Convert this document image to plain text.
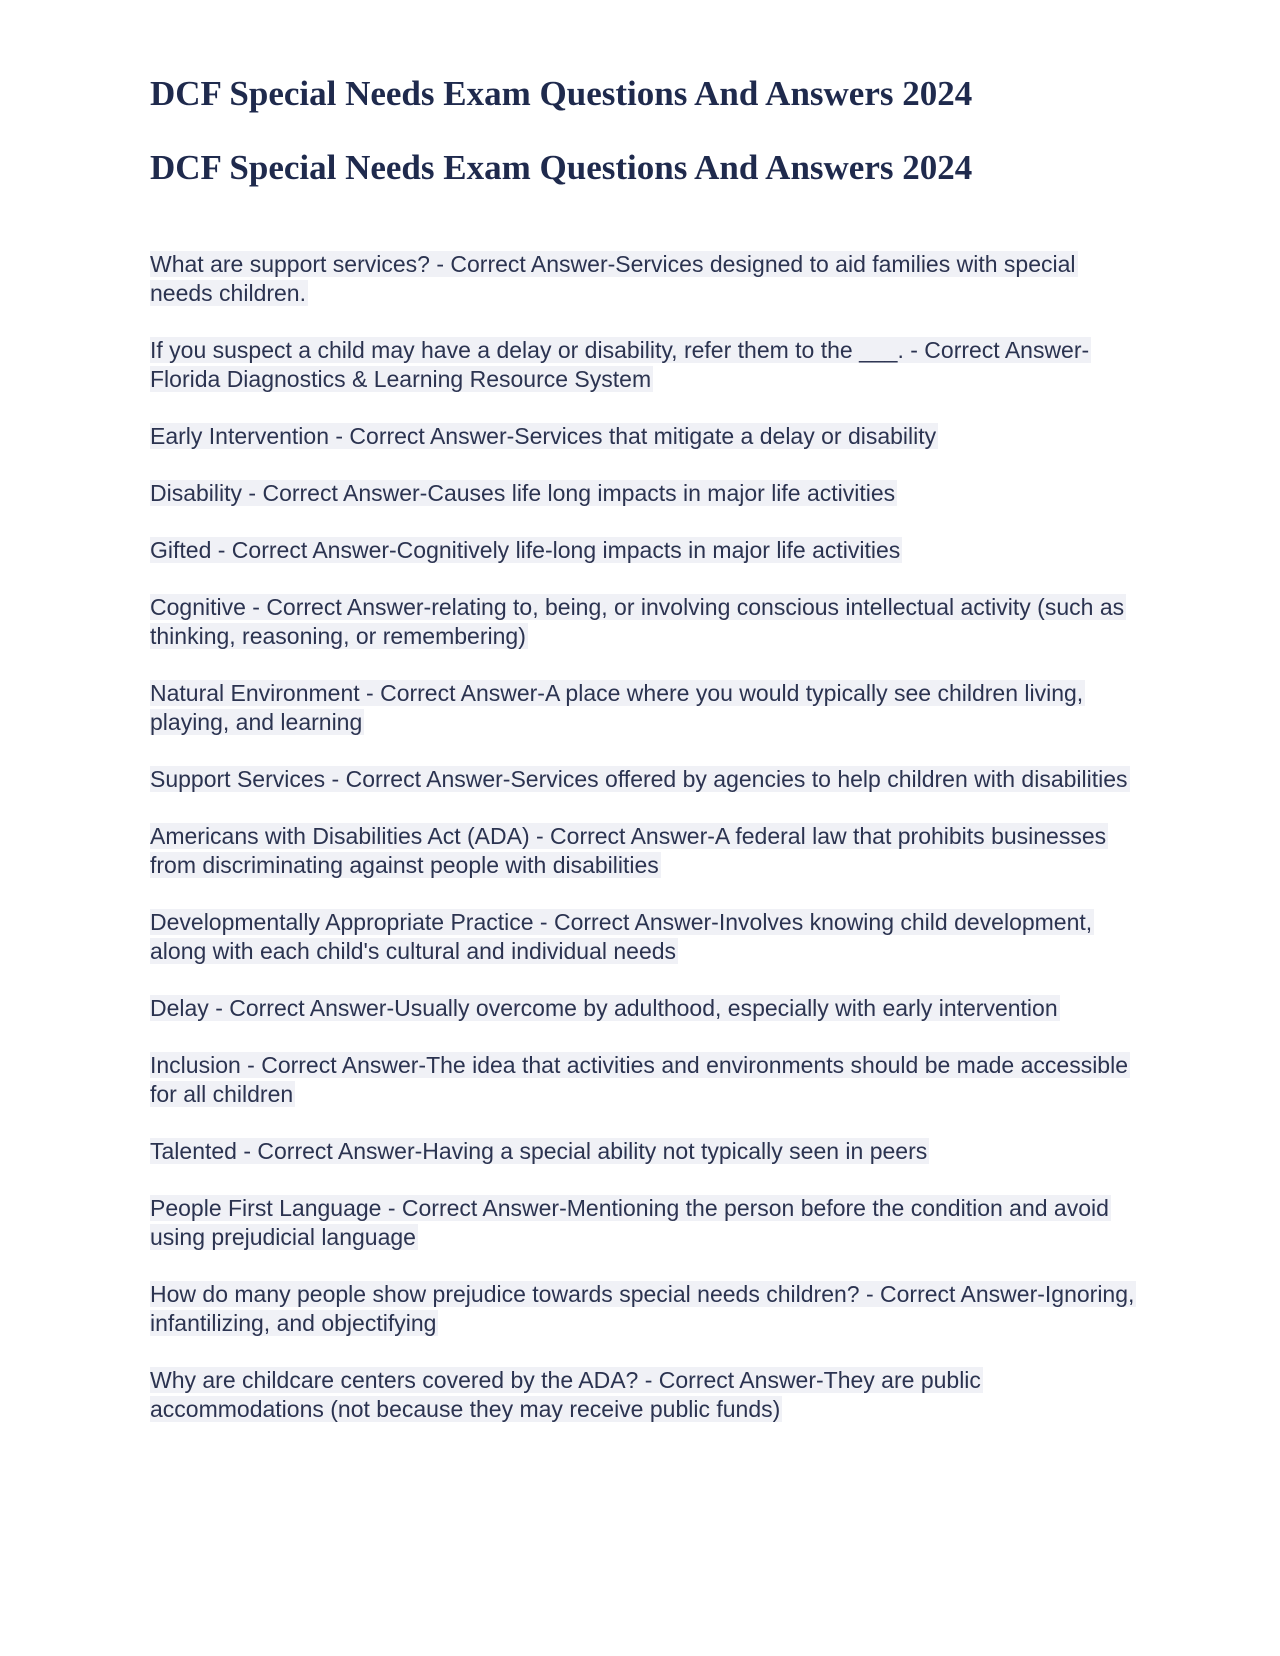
DCF Special Needs Exam Questions And Answers 2024
DCF Special Needs Exam Questions And Answers 2024

What are support services? - Correct Answer-Services designed to aid families with special needs children.

If you suspect a child may have a delay or disability, refer them to the ___. - Correct Answer-Florida Diagnostics & Learning Resource System

Early Intervention - Correct Answer-Services that mitigate a delay or disability

Disability - Correct Answer-Causes life long impacts in major life activities

Gifted - Correct Answer-Cognitively life-long impacts in major life activities

Cognitive - Correct Answer-relating to, being, or involving conscious intellectual activity (such as thinking, reasoning, or remembering)

Natural Environment - Correct Answer-A place where you would typically see children living, playing, and learning

Support Services - Correct Answer-Services offered by agencies to help children with disabilities

Americans with Disabilities Act (ADA) - Correct Answer-A federal law that prohibits businesses from discriminating against people with disabilities

Developmentally Appropriate Practice - Correct Answer-Involves knowing child development, along with each child's cultural and individual needs

Delay - Correct Answer-Usually overcome by adulthood, especially with early intervention

Inclusion - Correct Answer-The idea that activities and environments should be made accessible for all children

Talented - Correct Answer-Having a special ability not typically seen in peers

People First Language - Correct Answer-Mentioning the person before the condition and avoid using prejudicial language

How do many people show prejudice towards special needs children? - Correct Answer-Ignoring, infantilizing, and objectifying

Why are childcare centers covered by the ADA? - Correct Answer-They are public accommodations (not because they may receive public funds)
